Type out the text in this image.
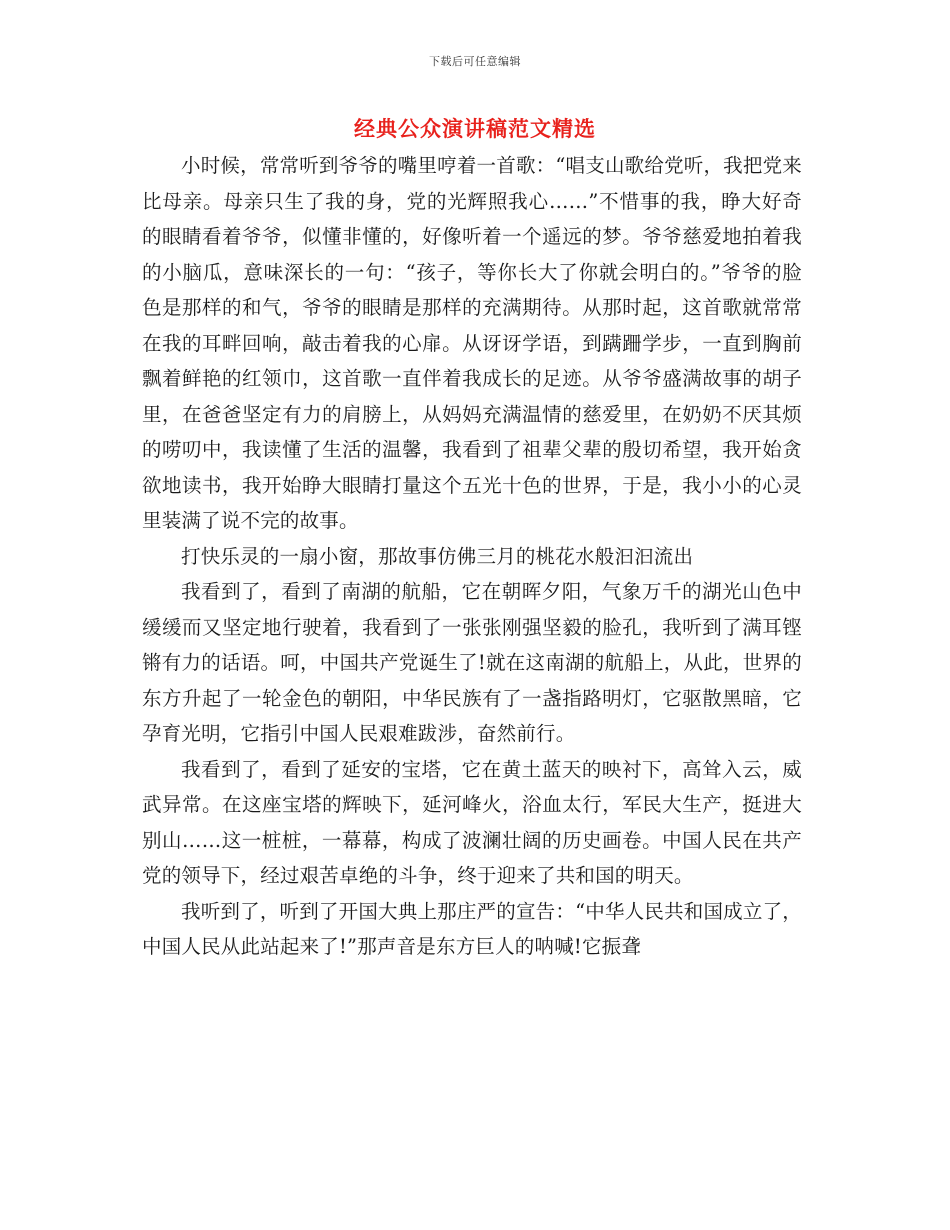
下载后可任意编辑
经典公众演讲稿范文精选

小时候，常常听到爷爷的嘴里哼着一首歌：“唱支山歌给党听，我把党来比母亲。母亲只生了我的身，党的光辉照我心……”不惜事的我，睁大好奇的眼睛看着爷爷，似懂非懂的，好像听着一个遥远的梦。爷爷慈爱地拍着我的小脑瓜，意味深长的一句：“孩子，等你长大了你就会明白的。”爷爷的脸色是那样的和气，爷爷的眼睛是那样的充满期待。从那时起，这首歌就常常在我的耳畔回响，敲击着我的心扉。从讶讶学语，到蹒跚学步，一直到胸前飘着鲜艳的红领巾，这首歌一直伴着我成长的足迹。从爷爷盛满故事的胡子里，在爸爸坚定有力的肩膀上，从妈妈充满温情的慈爱里，在奶奶不厌其烦的唠叨中，我读懂了生活的温馨，我看到了祖辈父辈的殷切希望，我开始贪欲地读书，我开始睁大眼睛打量这个五光十色的世界，于是，我小小的心灵里装满了说不完的故事。

打快乐灵的一扇小窗，那故事仿佛三月的桃花水般汩汩流出

我看到了，看到了南湖的航船，它在朝晖夕阳，气象万千的湖光山色中缓缓而又坚定地行驶着，我看到了一张张刚强坚毅的脸孔，我听到了满耳铿锵有力的话语。呵，中国共产党诞生了!就在这南湖的航船上，从此，世界的东方升起了一轮金色的朝阳，中华民族有了一盏指路明灯，它驱散黑暗，它孕育光明，它指引中国人民艰难跋涉，奋然前行。

我看到了，看到了延安的宝塔，它在黄土蓝天的映衬下，高耸入云，威武异常。在这座宝塔的辉映下，延河峰火，浴血太行，军民大生产，挺进大别山……这一桩桩，一幕幕，构成了波澜壮阔的历史画卷。中国人民在共产党的领导下，经过艰苦卓绝的斗争，终于迎来了共和国的明天。

我听到了，听到了开国大典上那庄严的宣告：“中华人民共和国成立了，中国人民从此站起来了!”那声音是东方巨人的呐喊!它振聋
